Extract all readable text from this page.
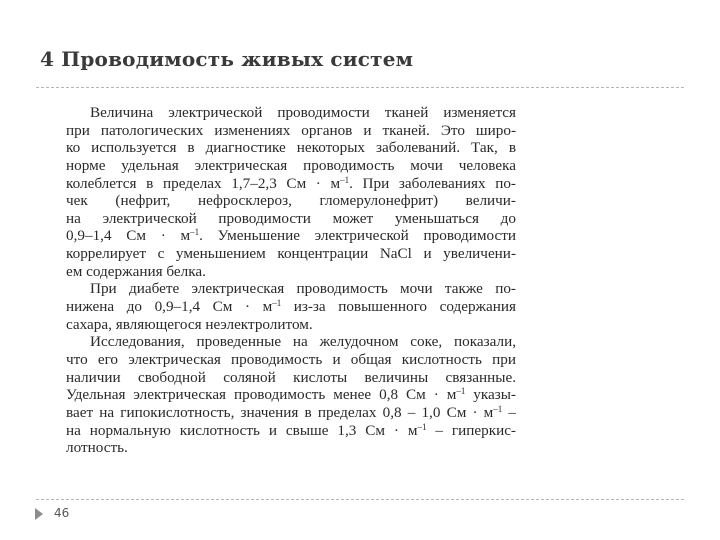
4 Проводимость живых систем
Величина электрической проводимости тканей изменяется
при патологических изменениях органов и тканей. Это широ-
ко используется в диагностике некоторых заболеваний. Так, в
норме удельная электрическая проводимость мочи человека
колеблется в пределах 1,7–2,3 См · $м^{-1}$. При заболеваниях по-
чек (нефрит, нефросклероз, гломерулонефрит) величи-
на электрической проводимости может уменьшаться до
0,9–1,4 См · $м^{-1}$. Уменьшение электрической проводимости
коррелирует с уменьшением концентрации NaCl и увеличени-
ем содержания белка.
При диабете электрическая проводимость мочи также по-
нижена до 0,9–1,4 См · $м^{-1}$ из-за повышенного содержания
сахара, являющегося неэлектролитом.
Исследования, проведенные на желудочном соке, показали,
что его электрическая проводимость и общая кислотность при
наличии свободной соляной кислоты величины связанные.
Удельная электрическая проводимость менее 0,8 См · $м^{-1}$ указы-
вает на гипокислотность, значения в пределах 0,8 – 1,0 См · $м^{-1}$ –
на нормальную кислотность и свыше 1,3 См · $м^{-1}$ – гиперкис-
лотность.
46
